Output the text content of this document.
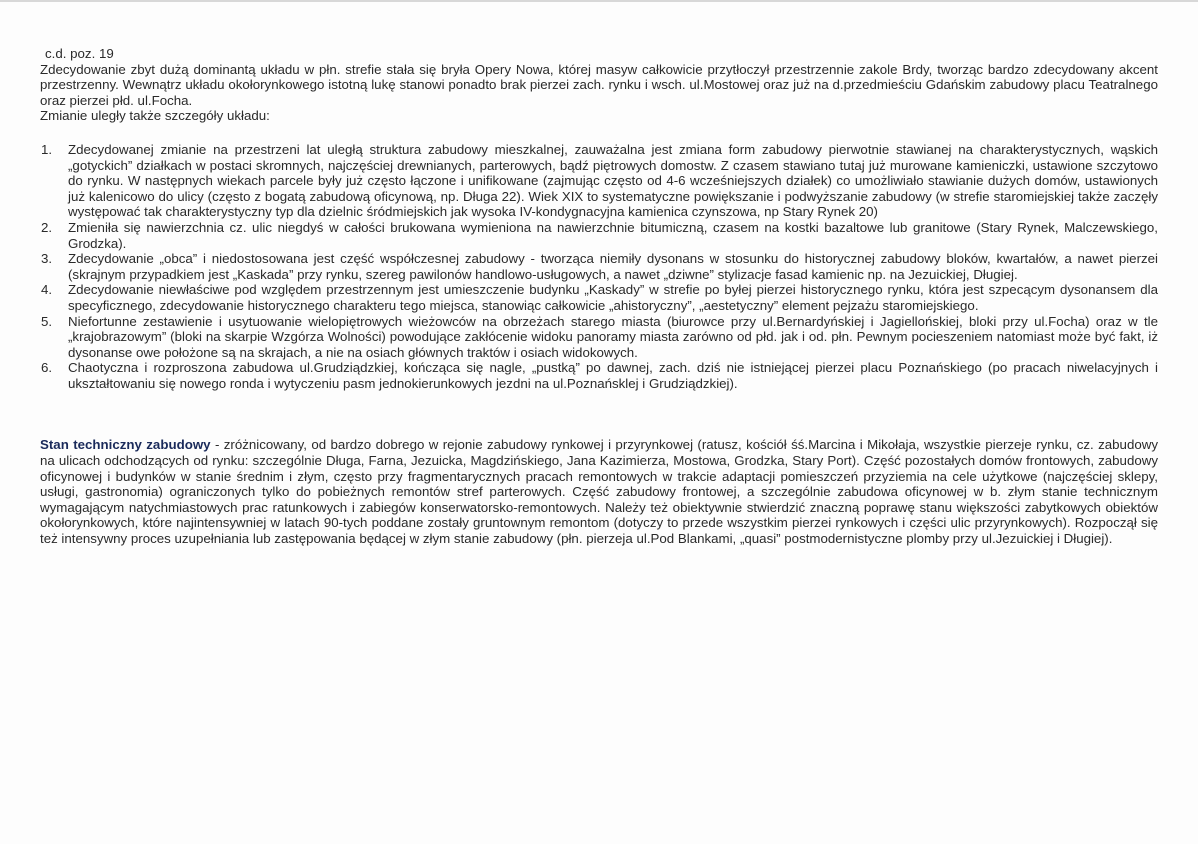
c.d. poz. 19

Zdecydowanie zbyt dużą dominantą układu w płn. strefie stała się bryła Opery Nowa, której masyw całkowicie przytłoczył przestrzennie zakole Brdy, tworząc bardzo zdecydowany akcent przestrzenny. Wewnątrz układu okołorynkowego istotną lukę stanowi ponadto brak pierzei zach. rynku i wsch. ul.Mostowej oraz już na d.przedmieściu Gdańskim zabudowy placu Teatralnego oraz pierzei płd. ul.Focha.

Zmianie uległy także szczegóły układu:

1. Zdecydowanej zmianie na przestrzeni lat uległą struktura zabudowy mieszkalnej, zauważalna jest zmiana form zabudowy pierwotnie stawianej na charakterystycznych, wąskich „gotyckich” działkach w postaci skromnych, najczęściej drewnianych, parterowych, bądź piętrowych domostw. Z czasem stawiano tutaj już murowane kamieniczki, ustawione szczytowo do rynku. W następnych wiekach parcele były już często łączone i unifikowane (zajmując często od 4-6 wcześniejszych działek) co umożliwiało stawianie dużych domów, ustawionych już kalenicowo do ulicy (często z bogatą zabudową oficynową, np. Długa 22). Wiek XIX to systematyczne powiększanie i podwyższanie zabudowy (w strefie staromiejskiej także zaczęły występować tak charakterystyczny typ dla dzielnic śródmiejskich jak wysoka IV-kondygnacyjna kamienica czynszowa, np Stary Rynek 20)
2. Zmieniła się nawierzchnia cz. ulic niegdyś w całości brukowana wymieniona na nawierzchnie bitumiczną, czasem na kostki bazaltowe lub granitowe (Stary Rynek, Malczewskiego, Grodzka).
3. Zdecydowanie „obca” i niedostosowana jest część współczesnej zabudowy - tworząca niemiły dysonans w stosunku do historycznej zabudowy bloków, kwartałów, a nawet pierzei (skrajnym przypadkiem jest „Kaskada” przy rynku, szereg pawilonów handlowo-usługowych, a nawet „dziwne” stylizacje fasad kamienic np. na Jezuickiej, Długiej.
4. Zdecydowanie niewłaściwe pod względem przestrzennym jest umieszczenie budynku „Kaskady” w strefie po byłej pierzei historycznego rynku, która jest szpecącym dysonansem dla specyficznego, zdecydowanie historycznego charakteru tego miejsca, stanowiąc całkowicie „ahistoryczny”, „aestetyczny” element pejzażu staromiejskiego.
5. Niefortunne zestawienie i usytuowanie wielopiętrowych wieżowców na obrzeżach starego miasta (biurowce przy ul.Bernardyńskiej i Jagiellońskiej, bloki przy ul.Focha) oraz w tle „krajobrazowym” (bloki na skarpie Wzgórza Wolności) powodujące zakłócenie widoku panoramy miasta zarówno od płd. jak i od. płn. Pewnym pocieszeniem natomiast może być fakt, iż dysonanse owe położone są na skrajach, a nie na osiach głównych traktów i osiach widokowych.
6. Chaotyczna i rozproszona zabudowa ul.Grudziądzkiej, kończąca się nagle, „pustką” po dawnej, zach. dziś nie istniejącej pierzei placu Poznańskiego (po pracach niwelacyjnych i ukształtowaniu się nowego ronda i wytyczeniu pasm jednokierunkowych jezdni na ul.Poznańsklej i Grudziądzkiej).

Stan techniczny zabudowy - zróżnicowany, od bardzo dobrego w rejonie zabudowy rynkowej i przyrynkowej (ratusz, kościół śś.Marcina i Mikołaja, wszystkie pierzeje rynku, cz. zabudowy na ulicach odchodzących od rynku: szczególnie Długa, Farna, Jezuicka, Magdzińskiego, Jana Kazimierza, Mostowa, Grodzka, Stary Port). Część pozostałych domów frontowych, zabudowy oficynowej i budynków w stanie średnim i złym, często przy fragmentarycznych pracach remontowych w trakcie adaptacji pomieszczeń przyziemia na cele użytkowe (najczęściej sklepy, usługi, gastronomia) ograniczonych tylko do pobieżnych remontów stref parterowych. Część zabudowy frontowej, a szczególnie zabudowa oficynowej w b. złym stanie technicznym wymagającym natychmiastowych prac ratunkowych i zabiegów konserwatorsko-remontowych. Należy też obiektywnie stwierdzić znaczną poprawę stanu większości zabytkowych obiektów okołorynkowych, które najintensywniej w latach 90-tych poddane zostały gruntownym remontom (dotyczy to przede wszystkim pierzei rynkowych i części ulic przyrynkowych). Rozpoczął się też intensywny proces uzupełniania lub zastępowania będącej w złym stanie zabudowy (płn. pierzeja ul.Pod Blankami, „quasi” postmodernistyczne plomby przy ul.Jezuickiej i Długiej).
